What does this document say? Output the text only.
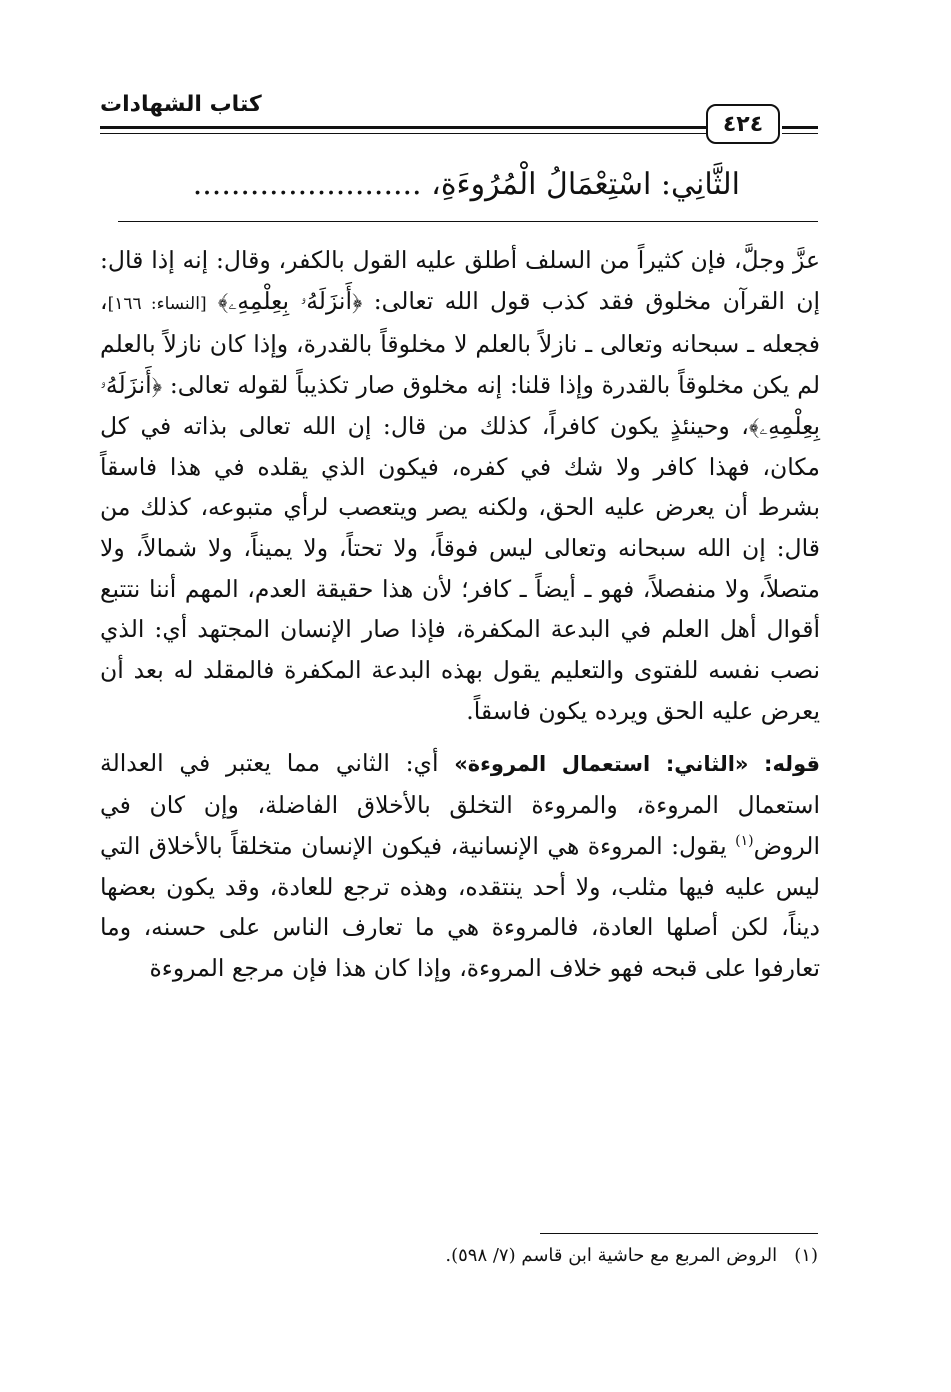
كتاب الشهادات
٤٢٤
الثَّانِي: اسْتِعْمَالُ الْمُرُوءَةِ، ........................

عزَّ وجلَّ، فإن كثيراً من السلف أطلق عليه القول بالكفر، وقال: إنه إذا قال: إن القرآن مخلوق فقد كذب قول الله تعالى: ﴿أَنزَلَهُۥ بِعِلْمِهِۦ﴾ [النساء: ١٦٦]، فجعله ـ سبحانه وتعالى ـ نازلاً بالعلم لا مخلوقاً بالقدرة، وإذا كان نازلاً بالعلم لم يكن مخلوقاً بالقدرة وإذا قلنا: إنه مخلوق صار تكذيباً لقوله تعالى: ﴿أَنزَلَهُۥ بِعِلْمِهِۦ﴾، وحينئذٍ يكون كافراً، كذلك من قال: إن الله تعالى بذاته في كل مكان، فهذا كافر ولا شك في كفره، فيكون الذي يقلده في هذا فاسقاً بشرط أن يعرض عليه الحق، ولكنه يصر ويتعصب لرأي متبوعه، كذلك من قال: إن الله سبحانه وتعالى ليس فوقاً، ولا تحتاً، ولا يميناً، ولا شمالاً، ولا متصلاً، ولا منفصلاً، فهو ـ أيضاً ـ كافر؛ لأن هذا حقيقة العدم، المهم أننا نتتبع أقوال أهل العلم في البدعة المكفرة، فإذا صار الإنسان المجتهد أي: الذي نصب نفسه للفتوى والتعليم يقول بهذه البدعة المكفرة فالمقلد له بعد أن يعرض عليه الحق ويرده يكون فاسقاً.

قوله: «الثاني: استعمال المروءة» أي: الثاني مما يعتبر في العدالة استعمال المروءة، والمروءة التخلق بالأخلاق الفاضلة، وإن كان في الروض$^{(١)}$ يقول: المروءة هي الإنسانية، فيكون الإنسان متخلقاً بالأخلاق التي ليس عليه فيها مثلب، ولا أحد ينتقده، وهذه ترجع للعادة، وقد يكون بعضها ديناً، لكن أصلها العادة، فالمروءة هي ما تعارف الناس على حسنه، وما تعارفوا على قبحه فهو خلاف المروءة، وإذا كان هذا فإن مرجع المروءة

(١)   الروض المربع مع حاشية ابن قاسم (٧/ ٥٩٨).
